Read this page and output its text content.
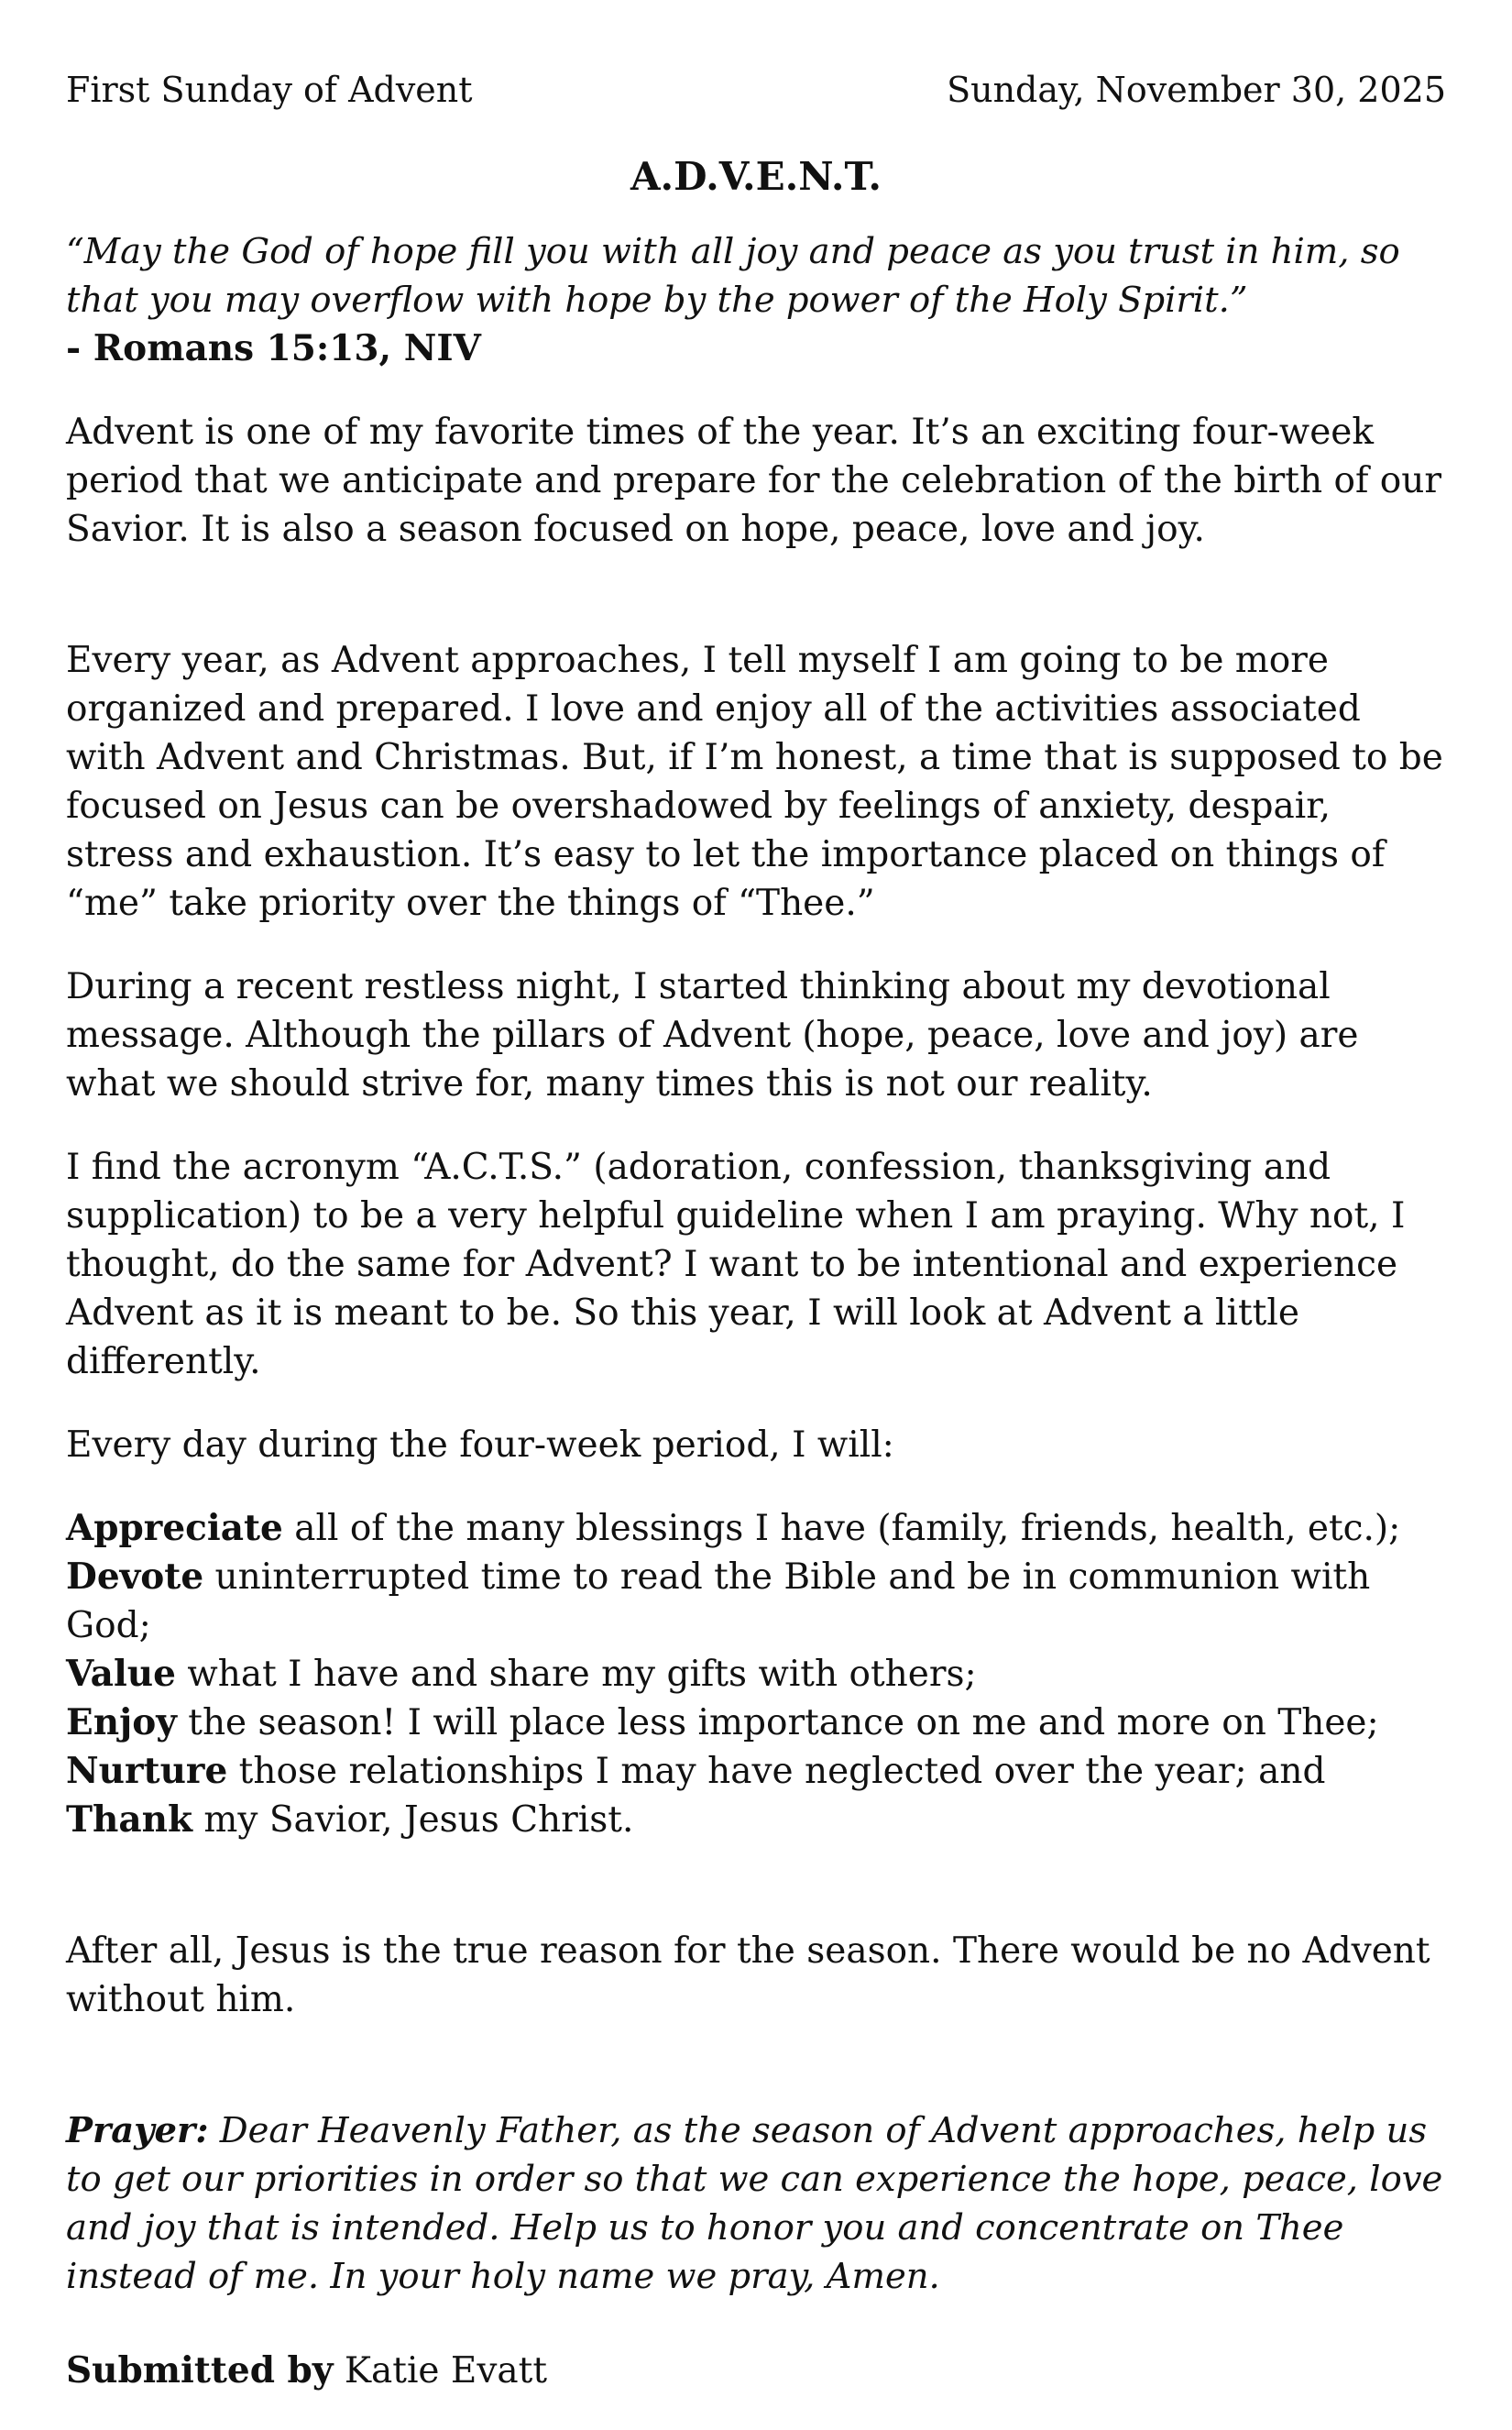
First Sunday of Advent	Sunday, November 30, 2025
A.D.V.E.N.T.

“May the God of hope fill you with all joy and peace as you trust in him, so that you may overflow with hope by the power of the Holy Spirit.”

- Romans 15:13, NIV

Advent is one of my favorite times of the year. It’s an exciting four-week period that we anticipate and prepare for the celebration of the birth of our Savior. It is also a season focused on hope, peace, love and joy.

Every year, as Advent approaches, I tell myself I am going to be more organized and prepared. I love and enjoy all of the activities associated with Advent and Christmas. But, if I’m honest, a time that is supposed to be focused on Jesus can be overshadowed by feelings of anxiety, despair, stress and exhaustion. It’s easy to let the importance placed on things of “me” take priority over the things of “Thee.”

During a recent restless night, I started thinking about my devotional message. Although the pillars of Advent (hope, peace, love and joy) are what we should strive for, many times this is not our reality.

I find the acronym “A.C.T.S.” (adoration, confession, thanksgiving and supplication) to be a very helpful guideline when I am praying. Why not, I thought, do the same for Advent? I want to be intentional and experience Advent as it is meant to be. So this year, I will look at Advent a little differently.

Every day during the four-week period, I will:

Appreciate all of the many blessings I have (family, friends, health, etc.);
Devote uninterrupted time to read the Bible and be in communion with God;
Value what I have and share my gifts with others;
Enjoy the season! I will place less importance on me and more on Thee;
Nurture those relationships I may have neglected over the year; and
Thank my Savior, Jesus Christ.

After all, Jesus is the true reason for the season. There would be no Advent without him.

Prayer: Dear Heavenly Father, as the season of Advent approaches, help us to get our priorities in order so that we can experience the hope, peace, love and joy that is intended. Help us to honor you and concentrate on Thee instead of me. In your holy name we pray, Amen.

Submitted by Katie Evatt
